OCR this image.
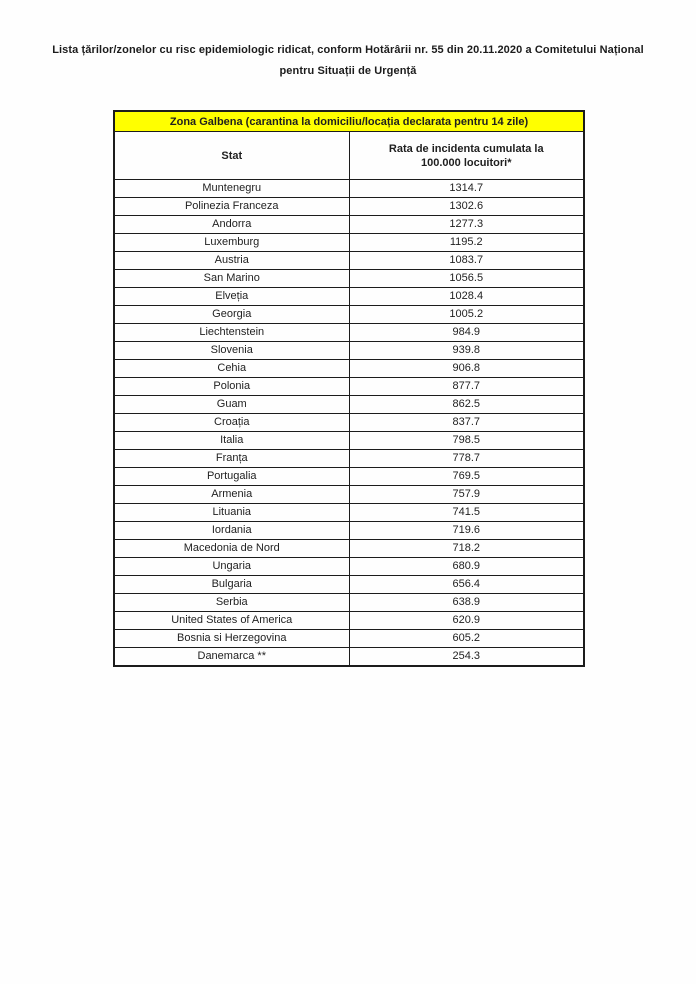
Lista țărilor/zonelor cu risc epidemiologic ridicat, conform Hotărârii nr. 55 din 20.11.2020 a Comitetului Național
pentru Situații de Urgență
Zona Galbena (carantina la domiciliu/locația declarata pentru 14 zile)	
Stat	Rata de incidenta cumulata la 100.000 locuitori*

Muntenegru	1314.7
Polinezia Franceza	1302.6
Andorra	1277.3
Luxemburg	1195.2
Austria	1083.7
San Marino	1056.5
Elveția	1028.4
Georgia	1005.2
Liechtenstein	984.9
Slovenia	939.8
Cehia	906.8
Polonia	877.7
Guam	862.5
Croația	837.7
Italia	798.5
Franța	778.7
Portugalia	769.5
Armenia	757.9
Lituania	741.5
Iordania	719.6
Macedonia de Nord	718.2
Ungaria	680.9
Bulgaria	656.4
Serbia	638.9
United States of America	620.9
Bosnia si Herzegovina	605.2
Danemarca **	254.3
